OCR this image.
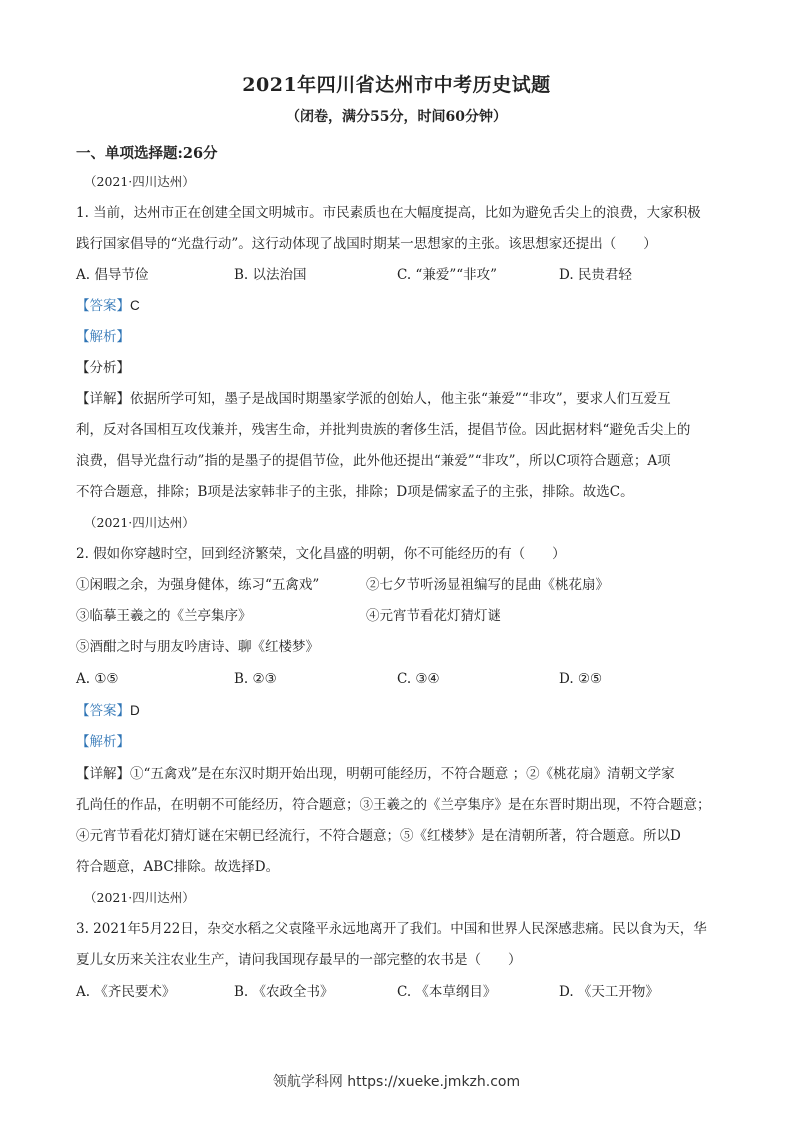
2021年四川省达州市中考历史试题
（闭卷，满分55分，时间60分钟）
一、单项选择题:26分
（2021·四川达州）
1. 当前，达州市正在创建全国文明城市。市民素质也在大幅度提高，比如为避免舌尖上的浪费，大家积极
践行国家倡导的“光盘行动”。这行动体现了战国时期某一思想家的主张。该思想家还提出（　　）
A. 倡导节俭	B. 以法治国	C. “兼爱”“非攻”	D. 民贵君轻
【答案】C
【解析】
【分析】
【详解】依据所学可知，墨子是战国时期墨家学派的创始人，他主张“兼爱”“非攻”，要求人们互爱互
利，反对各国相互攻伐兼并，残害生命，并批判贵族的奢侈生活，提倡节俭。因此据材料“避免舌尖上的
浪费，倡导光盘行动”指的是墨子的提倡节俭，此外他还提出“兼爱”“非攻”，所以C项符合题意；A项
不符合题意，排除；B项是法家韩非子的主张，排除；D项是儒家孟子的主张，排除。故选C。
（2021·四川达州）
2. 假如你穿越时空，回到经济繁荣，文化昌盛的明朝，你不可能经历的有（　　）
①闲暇之余，为强身健体，练习“五禽戏”	②七夕节听汤显祖编写的昆曲《桃花扇》
③临摹王羲之的《兰亭集序》	④元宵节看花灯猜灯谜
⑤酒酣之时与朋友吟唐诗、聊《红楼梦》
A. ①⑤	B. ②③	C. ③④	D. ②⑤
【答案】D
【解析】
【详解】①“五禽戏”是在东汉时期开始出现，明朝可能经历，不符合题意 ；②《桃花扇》清朝文学家
孔尚任的作品，在明朝不可能经历，符合题意；③王羲之的《兰亭集序》是在东晋时期出现，不符合题意；
④元宵节看花灯猜灯谜在宋朝已经流行，不符合题意；⑤《红楼梦》是在清朝所著，符合题意。所以D
符合题意，ABC排除。故选择D。
（2021·四川达州）
3. 2021年5月22日，杂交水稻之父袁隆平永远地离开了我们。中国和世界人民深感悲痛。民以食为天，华
夏儿女历来关注农业生产，请问我国现存最早的一部完整的农书是（　　）
A. 《齐民要术》	B. 《农政全书》	C. 《本草纲目》	D. 《天工开物》
领航学科网 https://xueke.jmkzh.com
